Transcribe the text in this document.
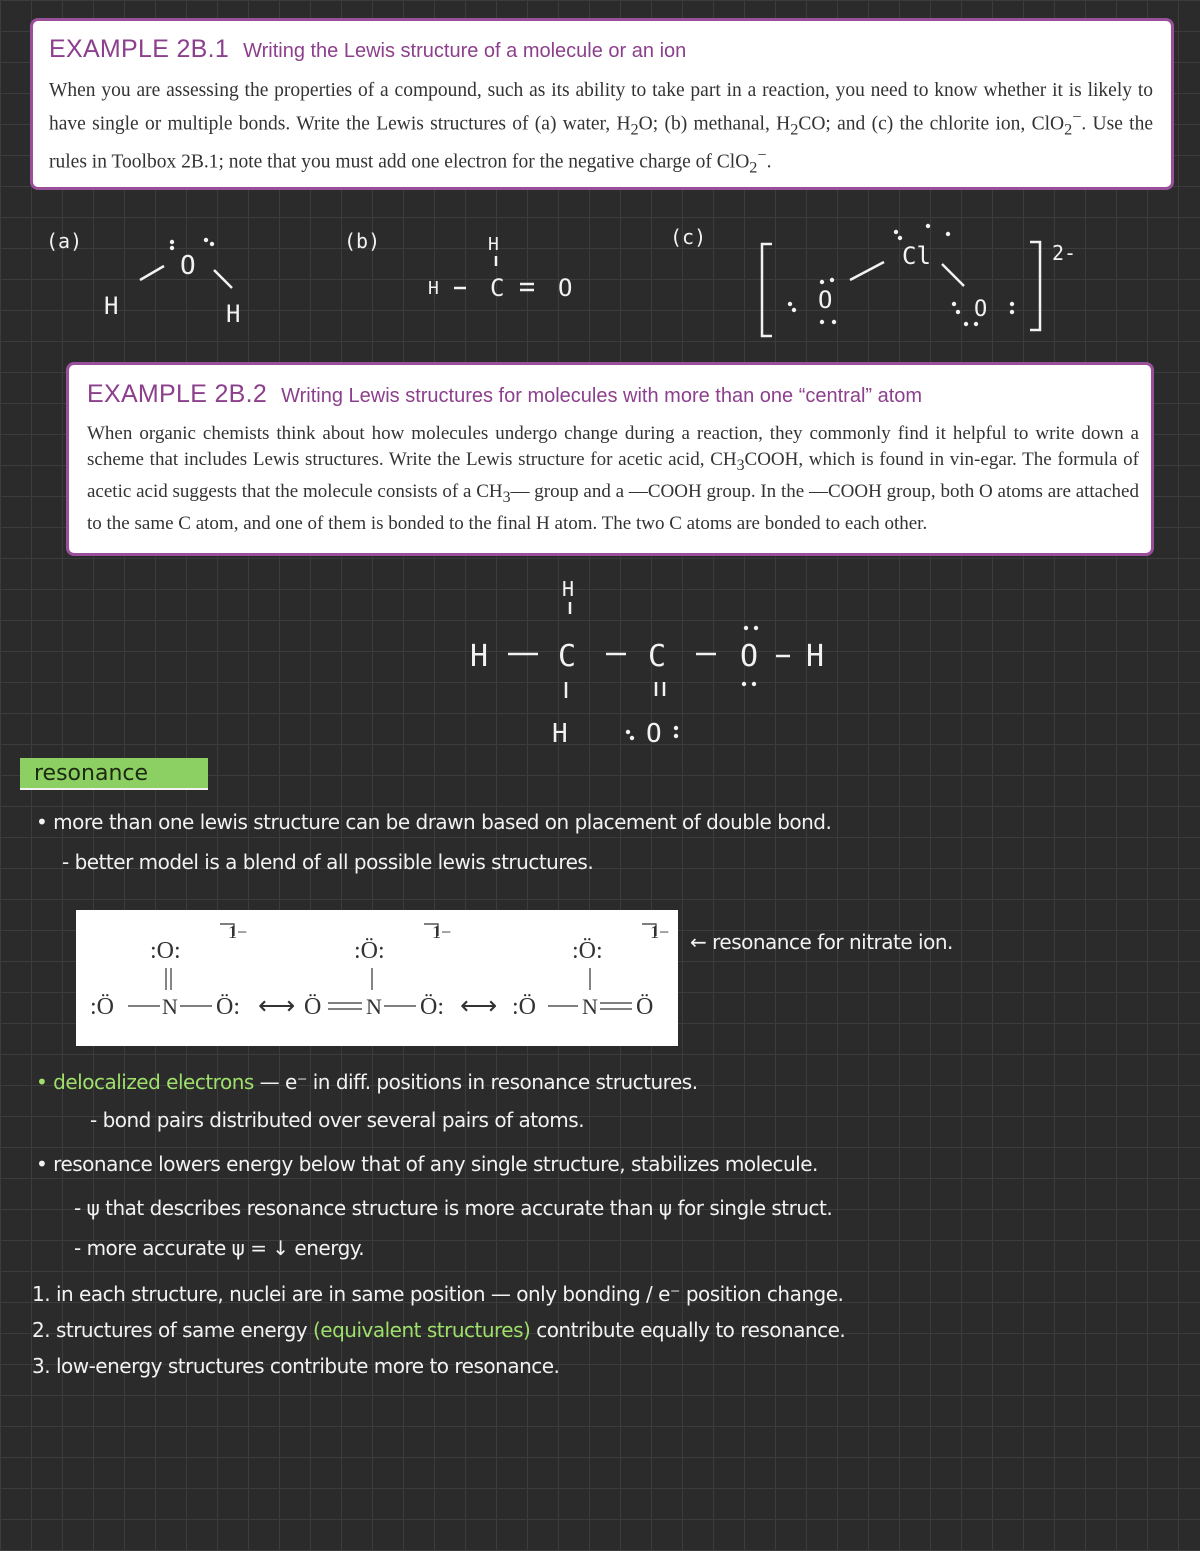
EXAMPLE 2B.1 Writing the Lewis structure of a molecule or an ion
When you are assessing the properties of a compound, such as its ability to take part in a reaction, you need to know whether it is likely to have single or multiple bonds. Write the Lewis structures of (a) water, $H_2O$; (b) methanal, $H_2CO$; and (c) the chlorite ion, ClO$_2$−. Use the rules in Toolbox 2B.1; note that you must add one electron for the negative charge of ClO$_2$−.
(a)
O
H	H
(b)	H
H C O
(c)
O
Cl
O
2-
EXAMPLE 2B.2 Writing Lewis structures for molecules with more than one “central” atom
When organic chemists think about how molecules undergo change during a reaction, they commonly find it helpful to write down a scheme that includes Lewis structures. Write the Lewis structure for acetic acid, $CH_3COOH$, which is found in vin-egar. The formula of acetic acid suggests that the molecule consists of a $CH_3—$ group and a —COOH group. In the —COOH group, both O atoms are attached to the same C atom, and one of them is bonded to the final H atom. The two C atoms are bonded to each other.
H
H C C O H
H	O
resonance
• more than one lewis structure can be drawn based on placement of double bond.
- better model is a blend of all possible lewis structures.
:O:
:Ö N Ö:
1−
⟷
:Ö:
Ö N Ö:
1−
⟷
:Ö:
:Ö N Ö
1− ← resonance for nitrate ion.
• delocalized electrons — e⁻ in diff. positions in resonance structures.
- bond pairs distributed over several pairs of atoms.
• resonance lowers energy below that of any single structure, stabilizes molecule.
- ψ that describes resonance structure is more accurate than ψ for single struct.
- more accurate ψ = ↓ energy.
1. in each structure, nuclei are in same position — only bonding / e⁻ position change.
2. structures of same energy (equivalent structures) contribute equally to resonance.
3. low-energy structures contribute more to resonance.
